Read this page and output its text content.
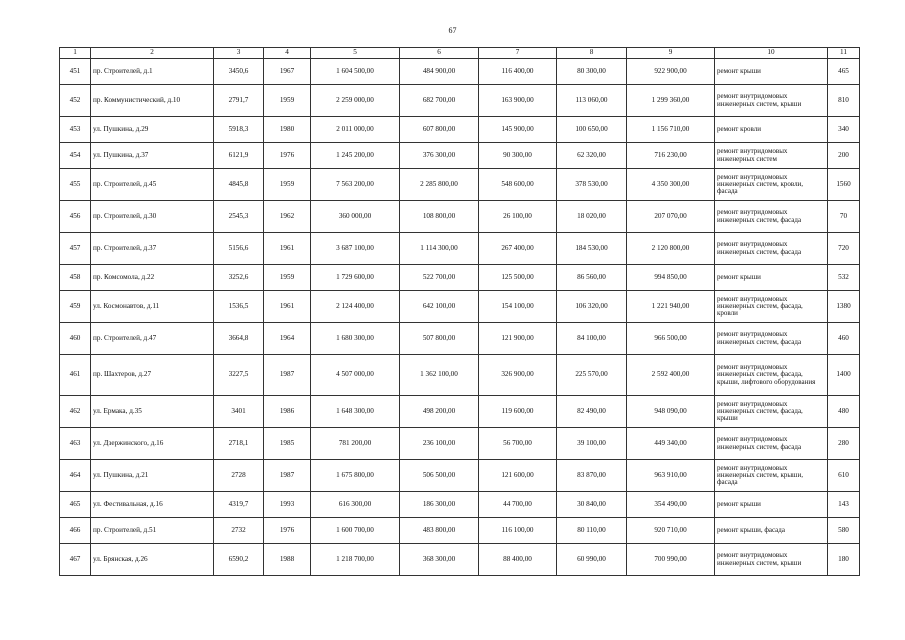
67
1	2	3	4	5	6	7	8	9	10	11
451	пр. Строителей, д.1	3450,6	1967	1 604 500,00	484 900,00	116 400,00	80 300,00	922 900,00	ремонт крыши	465
452	пр. Коммунистический, д.10	2791,7	1959	2 259 000,00	682 700,00	163 900,00	113 060,00	1 299 360,00	ремонт внутридомовых инженерных систем, крыши	810
453	ул. Пушкина, д.29	5918,3	1980	2 011 000,00	607 800,00	145 900,00	100 650,00	1 156 710,00	ремонт кровли	340
454	ул. Пушкина, д.37	6121,9	1976	1 245 200,00	376 300,00	90 300,00	62 320,00	716 230,00	ремонт внутридомовых инженерных систем	200
455	пр. Строителей, д.45	4845,8	1959	7 563 200,00	2 285 800,00	548 600,00	378 530,00	4 350 300,00	ремонт внутридомовых инженерных систем, кровли, фасада	1560
456	пр. Строителей, д.30	2545,3	1962	360 000,00	108 800,00	26 100,00	18 020,00	207 070,00	ремонт внутридомовых инженерных систем, фасада	70
457	пр. Строителей, д.37	5156,6	1961	3 687 100,00	1 114 300,00	267 400,00	184 530,00	2 120 800,00	ремонт внутридомовых инженерных систем, фасада	720
458	пр. Комсомола, д.22	3252,6	1959	1 729 600,00	522 700,00	125 500,00	86 560,00	994 850,00	ремонт крыши	532
459	ул. Космонавтов, д.11	1536,5	1961	2 124 400,00	642 100,00	154 100,00	106 320,00	1 221 940,00	ремонт внутридомовых инженерных систем, фасада, кровли	1380
460	пр. Строителей, д.47	3664,8	1964	1 680 300,00	507 800,00	121 900,00	84 100,00	966 500,00	ремонт внутридомовых инженерных систем, фасада	460
461	пр. Шахтеров, д.27	3227,5	1987	4 507 000,00	1 362 100,00	326 900,00	225 570,00	2 592 400,00	ремонт внутридомовых инженерных систем, фасада, крыши, лифтового оборудования	1400
462	ул. Ермака, д.35	3401	1986	1 648 300,00	498 200,00	119 600,00	82 490,00	948 090,00	ремонт внутридомовых инженерных систем, фасада, крыши	480
463	ул. Дзержинского, д.16	2718,1	1985	781 200,00	236 100,00	56 700,00	39 100,00	449 340,00	ремонт внутридомовых инженерных систем, фасада	280
464	ул. Пушкина, д.21	2728	1987	1 675 800,00	506 500,00	121 600,00	83 870,00	963 910,00	ремонт внутридомовых инженерных систем, крыши, фасада	610
465	ул. Фестивальная, д.16	4319,7	1993	616 300,00	186 300,00	44 700,00	30 840,00	354 490,00	ремонт крыши	143
466	пр. Строителей, д.51	2732	1976	1 600 700,00	483 800,00	116 100,00	80 110,00	920 710,00	ремонт крыши, фасада	580
467	ул. Брянская, д.26	6590,2	1988	1 218 700,00	368 300,00	88 400,00	60 990,00	700 990,00	ремонт внутридомовых инженерных систем, крыши	180
